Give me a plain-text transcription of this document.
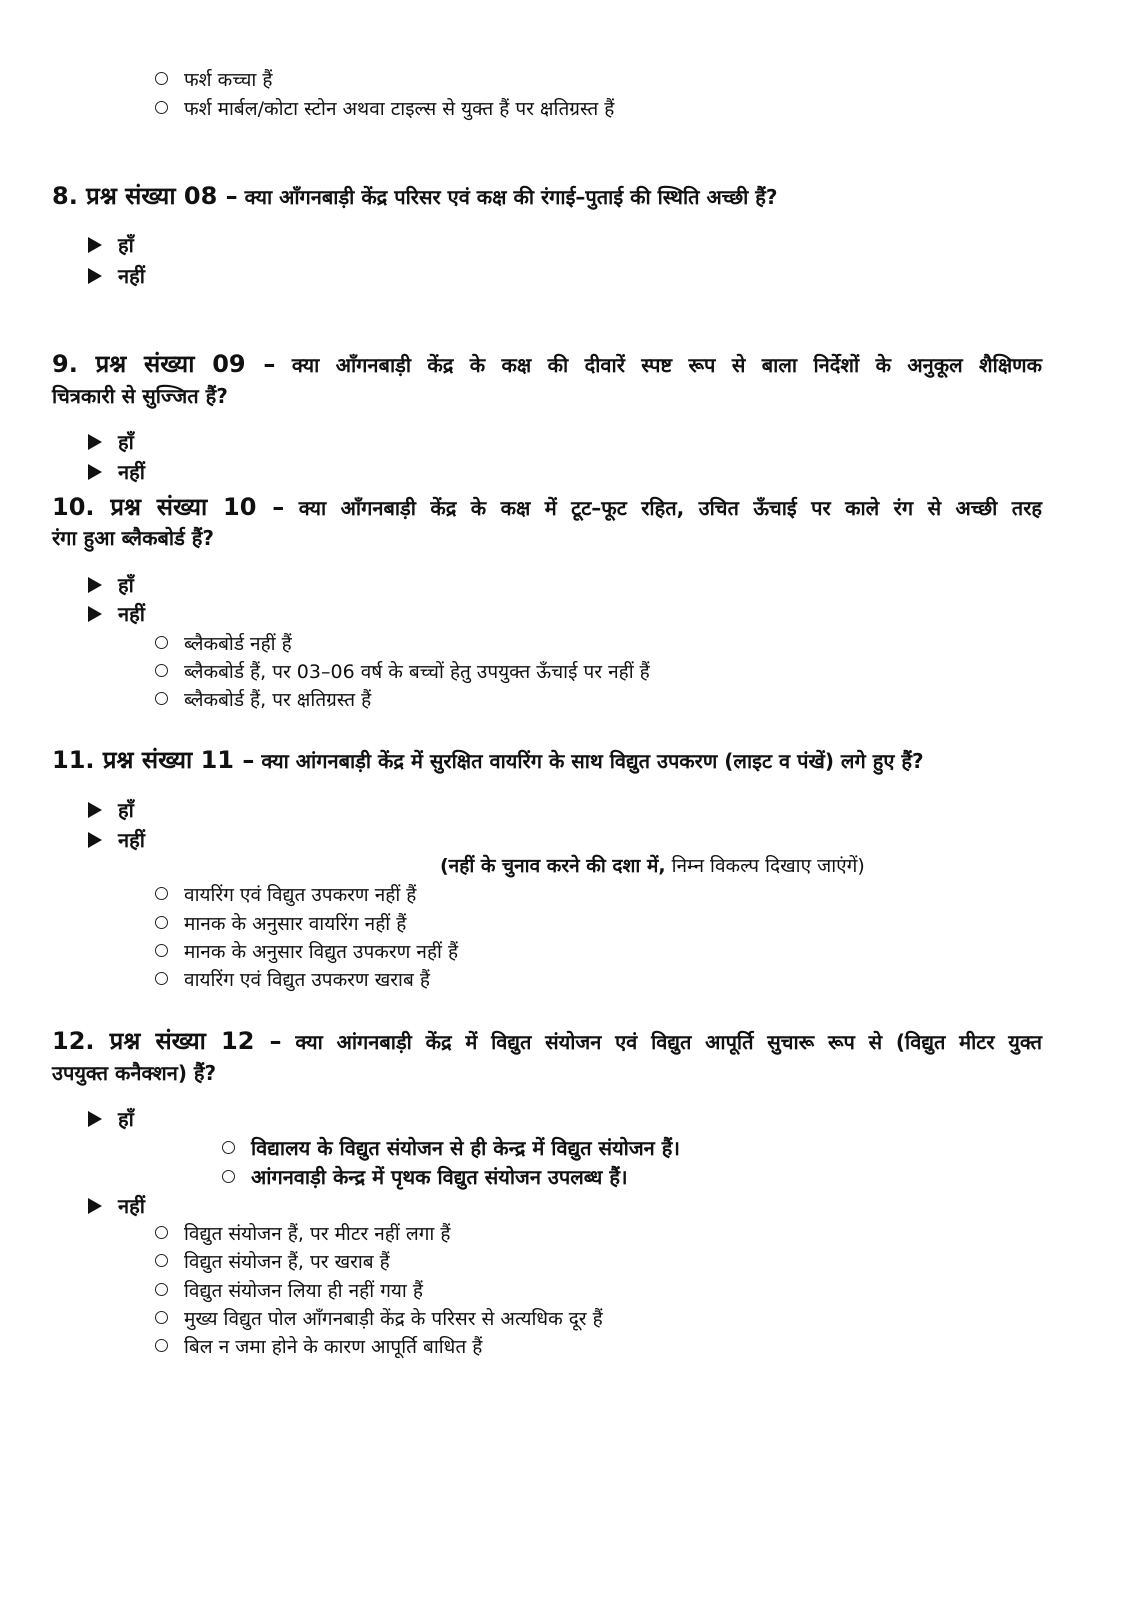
फर्श कच्चा हैं
फर्श मार्बल/कोटा स्टोन अथवा टाइल्स से युक्त हैं पर क्षतिग्रस्त हैं
8. प्रश्न संख्या 08 – क्या आँगनबाड़ी केंद्र परिसर एवं कक्ष की रंगाई–पुताई की स्थिति अच्छी हैं?
हाँ
नहीं
9. प्रश्न संख्या 09 – क्या आँगनबाड़ी केंद्र के कक्ष की दीवारें स्पष्ट रूप से बाला निर्देशों के अनुकूल शैक्षिणक
चित्रकारी से सुज्जित हैं?
हाँ
नहीं
10. प्रश्न संख्या 10 – क्या आँगनबाड़ी केंद्र के कक्ष में टूट–फूट रहित, उचित ऊँचाई पर काले रंग से अच्छी तरह
रंगा हुआ ब्लैकबोर्ड हैं?
हाँ
नहीं
ब्लैकबोर्ड नहीं हैं
ब्लैकबोर्ड हैं, पर 03–06 वर्ष के बच्चों हेतु उपयुक्त ऊँचाई पर नहीं हैं
ब्लैकबोर्ड हैं, पर क्षतिग्रस्त हैं
11. प्रश्न संख्या 11 – क्या आंगनबाड़ी केंद्र में सुरक्षित वायरिंग के साथ विद्युत उपकरण (लाइट व पंखें) लगे हुए हैं?
हाँ
नहीं
(नहीं के चुनाव करने की दशा में, निम्न विकल्प दिखाए जाएंगें)
वायरिंग एवं विद्युत उपकरण नहीं हैं
मानक के अनुसार वायरिंग नहीं हैं
मानक के अनुसार विद्युत उपकरण नहीं हैं
वायरिंग एवं विद्युत उपकरण खराब हैं
12. प्रश्न संख्या 12 – क्या आंगनबाड़ी केंद्र में विद्युत संयोजन एवं विद्युत आपूर्ति सुचारू रूप से (विद्युत मीटर युक्त
उपयुक्त कनैक्शन) हैं?
हाँ
विद्यालय के विद्युत संयोजन से ही केन्द्र में विद्युत संयोजन हैं।
आंगनवाड़ी केन्द्र में पृथक विद्युत संयोजन उपलब्ध हैं।
नहीं
विद्युत संयोजन हैं, पर मीटर नहीं लगा हैं
विद्युत संयोजन हैं, पर खराब हैं
विद्युत संयोजन लिया ही नहीं गया हैं
मुख्य विद्युत पोल आँगनबाड़ी केंद्र के परिसर से अत्यधिक दूर हैं
बिल न जमा होने के कारण आपूर्ति बाधित हैं
